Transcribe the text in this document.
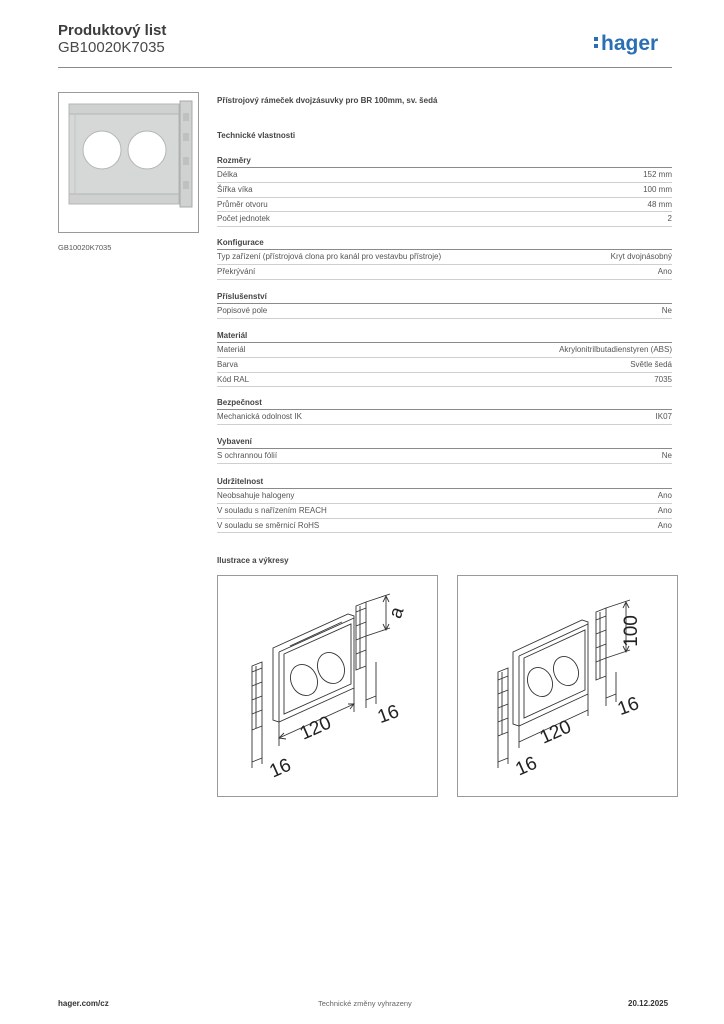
Produktový list
GB10020K7035	hager
GB10020K7035
Přístrojový rámeček dvojzásuvky pro BR 100mm, sv. šedá
Technické vlastnosti
Rozměry
Délka	152 mm
Šířka víka	100 mm
Průměr otvoru	48 mm
Počet jednotek	2
Konfigurace
Typ zařízení (přístrojová clona pro kanál pro vestavbu přístroje)	Kryt dvojnásobný
Překrývání	Ano
Příslušenství
Popisové pole	Ne
Materiál
Materiál	Akrylonitrilbutadienstyren (ABS)
Barva	Světle šedá
Kód RAL	7035
Bezpečnost
Mechanická odolnost IK	IK07
Vybavení
S ochrannou fólií	Ne
Udržitelnost
Neobsahuje halogeny	Ano
V souladu s nařízením REACH	Ano
V souladu se směrnicí RoHS	Ano
Ilustrace a výkresy
a
16
120
16
100
16
120
16
hager.com/cz	Technické změny vyhrazeny	20.12.2025
